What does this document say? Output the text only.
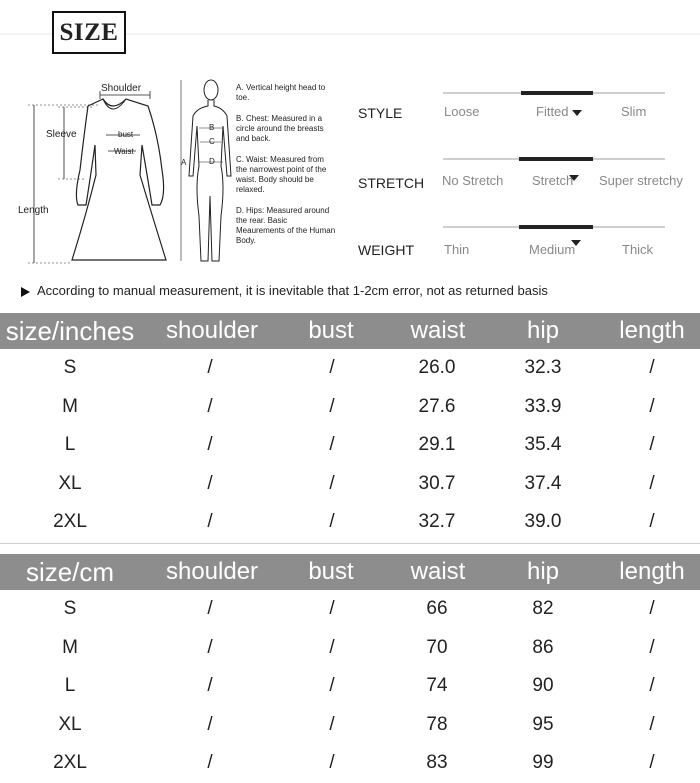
SIZE
Shoulder
Sleeve	bust
Waist
Length
A
B
C
D
A. Vertical height head to toe.
B. Chest: Measured in a circle around the breasts and back.
C. Waist: Measured from the narrowest point of the waist. Body should be relaxed.
D. Hips: Measured around the rear. Basic Meaurements of the Human Body.
STYLE	Loose	Fitted	Slim
STRETCH No Stretch Stretch	Super stretchy
WEIGHT Thin	Medium	Thick
According to manual measurement, it is inevitable that 1-2cm error, not as returned basis
size/inches	shoulder	bust	waist	hip	length
S	/	/	26.0	32.3	/
M	/	/	27.6	33.9	/
L	/	/	29.1	35.4	/
XL	/	/	30.7	37.4	/
2XL	/	/	32.7	39.0	/
size/cm	shoulder	bust	waist	hip	length
S	/	/	66	82	/
M	/	/	70	86	/
L	/	/	74	90	/
XL	/	/	78	95	/
2XL	/	/	83	99	/
